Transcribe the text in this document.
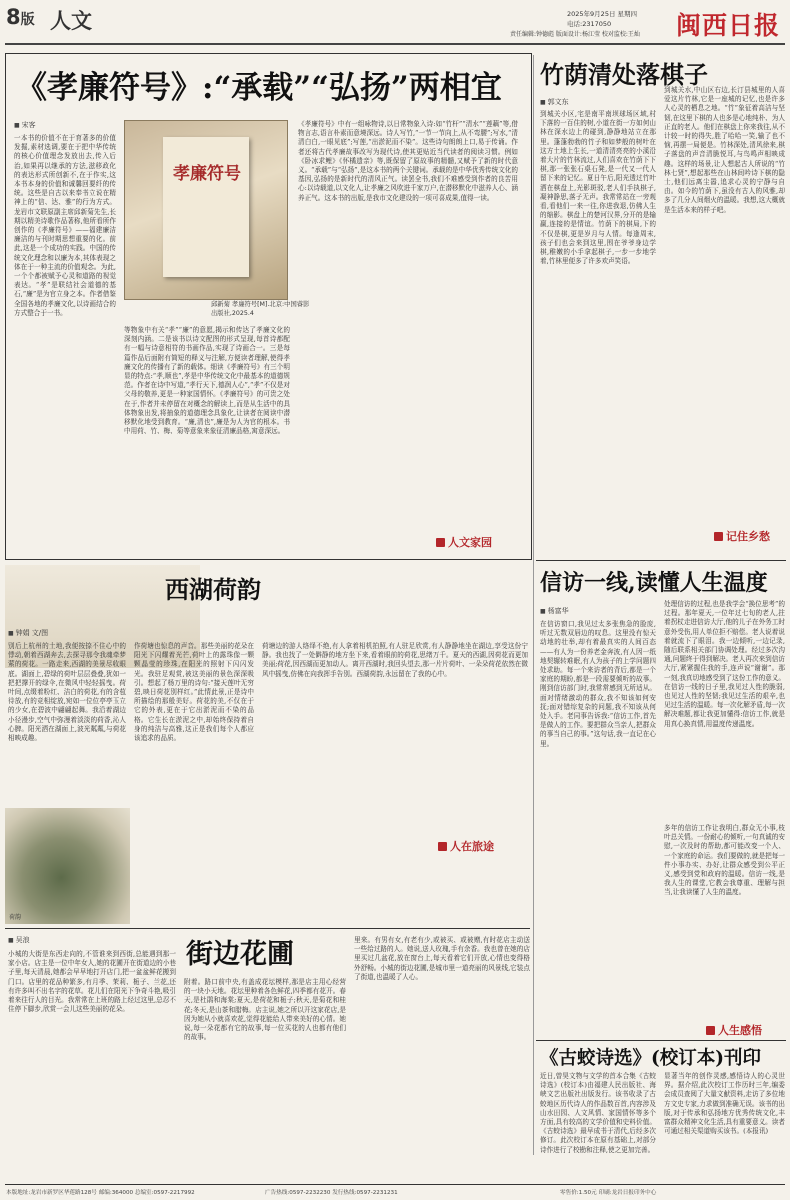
8版 人文	2025年9月25日 星期四
电话:2317050
责任编辑:钟德彪 版面设计:杨江莹 校对监校:王灿 闽西日报
《孝廉符号》:“承载”“弘扬”两相宜
■ 宋客
一本书的价值不在于育著多的价值发掘,素材选调,要在于把中华传统的核心价值理念发放出去,传入后治,如果再以继承的方法,滋移政化的表达形式所创新不,在于作实,这本书本身的价值和诚馨回要纤的传统。这些是自古以来奉书立说在精神上的“信、达、雅”的行为方式。龙岩市文联原副主席邱新菊先生,长期以精美诗歌作品著称,他所看所作创作的《孝廉符号》——福建廉洁廉洁的与刊时期思想重要的化。前此,这是一个成功的实践。中国的传统文化理念和以廉为本,其体表现之体在于一种主流的价值观念。为此,一个个都被赋予心灵和道路的视觉表达。“孝”是联结社会道德的基石,“廉”是为官立身之本。作者借鉴全国各地的孝廉文化,以诗画结合的方式整合于一书。
孝廉符号
邱新菊 孝廉符号[M].北京:中国睿影出版社,2025.4
等物象中有关“孝”“廉”的意愿,揭示和传达了孝廉文化的深刻内涵。二是该书以诗文配图的形式呈现,每首诗都配有一幅与诗意相符的书画作品,实现了诗画合一。三是每篇作品后面附有简短的释义与注解,方便读者理解,使得孝廉文化的传播有了新的载体。细读《孝廉符号》有三个明显的特点:“孝,顺也”,孝是中华传统文化中最基本的道德规范。作者在诗中写道,“孝行天下,德润人心”,“孝”不仅是对父母的敬养,更是一种家国情怀。《孝廉符号》的可贵之处在于,作者并未停留在对概念的解读上,而是从生活中的具体物象出发,将抽象的道德理念具象化,让读者在阅读中潜移默化地受到教育。“廉,清也”,廉是为人为官的根本。书中用荷、竹、梅、菊等意象来象征清廉品格,寓意深远。
《孝廉符号》中有一组咏物诗,以日常物象入诗:如“竹杆”“清水”“莲藕”等,借物言志,语言朴素而意境深远。诗人写竹,“一节一节向上,从不弯腰”;写水,“清清白白,一眼见底”;写莲,“出淤泥而不染”。这些诗句朗朗上口,易于传诵。作者还将古代孝廉故事改写为现代诗,使其更贴近当代读者的阅读习惯。例如《卧冰求鲤》《怀橘遗亲》等,既保留了原故事的精髓,又赋予了新的时代意义。“承载”与“弘扬”,是这本书的两个关键词。承载的是中华优秀传统文化的基因,弘扬的是新时代的清风正气。读罢全书,我们不难感受到作者的良苦用心:以诗载道,以文化人,让孝廉之风吹进千家万户,在潜移默化中滋养人心、涵养正气。这本书的出版,是我市文化建设的一项可喜成果,值得一读。
人文家园
竹荫清处落棋子
■ 郭文东
到城关小区,宅是南平南坝球场区域,村下落的一百住的树,小道在街一方如何山林在深水边上的碰到,静静地站立在那里。蓬蓬勃勃的竹子和如梦般的树叶在这方土地上生长,一道清清亮亮的小溪沿着大片的竹林流过,人们喜欢在竹荫下下棋,那一张张石桌石凳,是一代又一代人留下来的记忆。夏日午后,阳光透过竹叶洒在棋盘上,光影斑驳,老人们手执棋子,凝神静思,落子无声。我常常站在一旁观看,看他们一来一往,你进我退,仿佛人生的缩影。棋盘上的楚河汉界,分开的是输赢,连接的是情谊。竹荫下的棋局,下的不仅是棋,更是岁月与人情。每逢周末,孩子们也会来到这里,围在爷爷身边学棋,稚嫩的小手拿起棋子,一步一步地学着,竹林里便多了许多欢声笑语。
到城关水,中山区右边,长汀县城里的人喜爱这片竹林,它是一座城的记忆,也是许多人心灵的栖息之地。“竹”象征着高洁与坚韧,在这里下棋的人也多是心地纯朴、为人正直的老人。他们在棋盘上你来我往,从不计较一时的得失,胜了哈哈一笑,输了也不恼,再摆一局便是。竹林深处,清风徐来,棋子落盘的声音清脆悦耳,与鸟鸣声相映成趣。这样的场景,让人想起古人所说的“竹林七贤”,想起那些在山林间吟诗下棋的隐士,他们远离尘嚣,追求心灵的宁静与自由。如今的竹荫下,虽没有古人的风雅,却多了几分人间烟火的温暖。我想,这大概就是生活本来的样子吧。
记住乡愁
信访一线,读懂人生温度
■ 杨富华
在信访窗口,我见过太多张焦急的脸庞,听过无数双唇边的叹息。这里没有惊天动地的壮举,却有着最真实的人间百态——有人为一份养老金奔波,有人因一纸地契辗转难眠,有人为孩子的上学问题四处求助。每一个来访者的背后,都是一个家庭的期盼,都是一段需要倾听的故事。刚到信访部门时,我常常感到无所适从。面对情绪激动的群众,我不知该如何安抚;面对错综复杂的问题,我不知该从何处入手。老同事告诉我:“信访工作,首先是做人的工作。要把群众当亲人,把群众的事当自己的事。”这句话,我一直记在心里。
处理信访的过程,也是我学会“换位思考”的过程。那年夏天,一位年过七旬的老人,拄着拐杖走进信访大厅,他的儿子在外务工时意外受伤,用人单位拒不赔偿。老人说着说着就流下了眼泪。我一边倾听,一边记录,随后联系相关部门协调处理。经过多次沟通,问题终于得到解决。老人再次来到信访大厅,紧紧握住我的手,连声说“谢谢”。那一刻,我真切地感受到了这份工作的意义。在信访一线的日子里,我见过人性的脆弱,也见过人性的坚韧;我见过生活的艰辛,也见过生活的温暖。每一次化解矛盾,每一次解决难题,都让我更加懂得:信访工作,就是用真心换真情,用温度传递温度。
多年的信访工作让我明白,群众无小事,枝叶总关情。一份耐心的倾听,一句真诚的安慰,一次及时的帮助,都可能改变一个人、一个家庭的命运。我们要做的,就是把每一件小事办实、办好,让群众感受到公平正义,感受到党和政府的温暖。信访一线,是我人生的课堂,它教会我尊重、理解与担当,让我读懂了人生的温度。
人生感悟
西湖荷韵
■ 钟娟 文/图
别后上杭州的土地,我便按捺不住心中的悸动,朝着西湖奔去,去探寻那令我魂牵梦萦的荷花。一路走来,西湖的美景尽收眼底。湖面上,碧绿的荷叶层层叠叠,犹如一把把撑开的绿伞,在微风中轻轻摇曳。荷叶间,点缀着粉红、洁白的荷花,有的含苞待放,有的竞相绽放,宛如一位位亭亭玉立的少女,在碧波中翩翩起舞。我沿着湖边小径漫步,空气中弥漫着淡淡的荷香,沁人心脾。阳光洒在湖面上,波光粼粼,与荷花相映成趣。
作荷塘也惊息的声音。那些美丽的花朵在阳光下闪耀着光芒,荷叶上的露珠像一颗颗晶莹的珍珠,在阳光的照射下闪闪发光。我驻足观赏,被这美丽的景色深深吸引。想起了杨万里的诗句:“接天莲叶无穷碧,映日荷花别样红。”此情此景,正是诗中所描绘的那般美好。荷花的美,不仅在于它的外表,更在于它出淤泥而不染的品格。它生长在淤泥之中,却始终保持着自身的纯洁与高雅,这正是我们每个人都应该追求的品质。
荷塘边的游人络绎不绝,有人拿着相机拍照,有人驻足欣赏,有人静静地坐在湖边,享受这份宁静。我也找了一处僻静的地方坐下来,看着眼前的荷花,思绪万千。夏天的西湖,因荷花而更加美丽;荷花,因西湖而更加动人。离开西湖时,我回头望去,那一片片荷叶、一朵朵荷花依然在微风中摇曳,仿佛在向我挥手告别。西湖荷韵,永远留在了我的心中。
荷韵
人在旅途
街边花圃
■ 吴浪
小城的大街是东西走向的,不管谁来到西街,总能遇到那一家小店。店主是一位中年女人,她的花圃开在街道边的小巷子里,每天清晨,她都会早早地打开店门,把一盆盆鲜花搬到门口。店里的花品种繁多,有月季、茉莉、栀子、兰花,还有许多叫不出名字的花草。花儿们在阳光下争奇斗艳,吸引着来往行人的目光。我常常在上班的路上经过这里,总忍不住停下脚步,欣赏一会儿这些美丽的花朵。
附着。路口前中央,有盖成花坛模样,那是店主用心经营的一块小天地。花坛里种着各色鲜花,四季都有花开。春天,是杜鹃和海棠;夏天,是荷花和栀子;秋天,是菊花和桂花;冬天,是山茶和腊梅。店主说,她之所以开这家花店,是因为她从小就喜欢花,觉得花能给人带来美好的心情。她说,每一朵花都有它的故事,每一位买花的人也都有他们的故事。
里来。有男有女,有老有少,或被买、或被赠,有时花店主动送一些给过路的人。她说,送人玫瑰,手有余香。我也曾在她的店里买过几盆花,放在窗台上,每天看着它们开放,心情也变得格外舒畅。小城的街边花圃,是城市里一道亮丽的风景线,它装点了街道,也温暖了人心。
《古蛟诗选》(校订本)刊印
近日,曾昊文物与文学的首本合集《古蛟诗选》(校订本)由福建人民出版社、海峡文艺出版社出版发行。该书收录了古蛟地区历代诗人的作品数百首,内容涉及山水田园、人文风情、家国情怀等多个方面,具有较高的文学价值和史料价值。《古蛟诗选》最早成书于清代,后经多次修订。此次校订本在原有基础上,对部分诗作进行了校勘和注释,使之更加完善。
显著当年的创作灵感,感悟诗人的心灵世界。据介绍,此次校订工作历时三年,编委会成员查阅了大量文献资料,走访了多位地方文史专家,力求做到准确无误。该书的出版,对于传承和弘扬地方优秀传统文化,丰富群众精神文化生活,具有重要意义。读者可通过相关渠道购买该书。(本报讯)
本版地址:龙岩市新罗区华莲路128号 邮编:364000 总编室:0597-2217992	广告热线:0597-2232230 发行热线:0597-2231231	零售价:1.50元 印刷:龙岩日报印务中心
